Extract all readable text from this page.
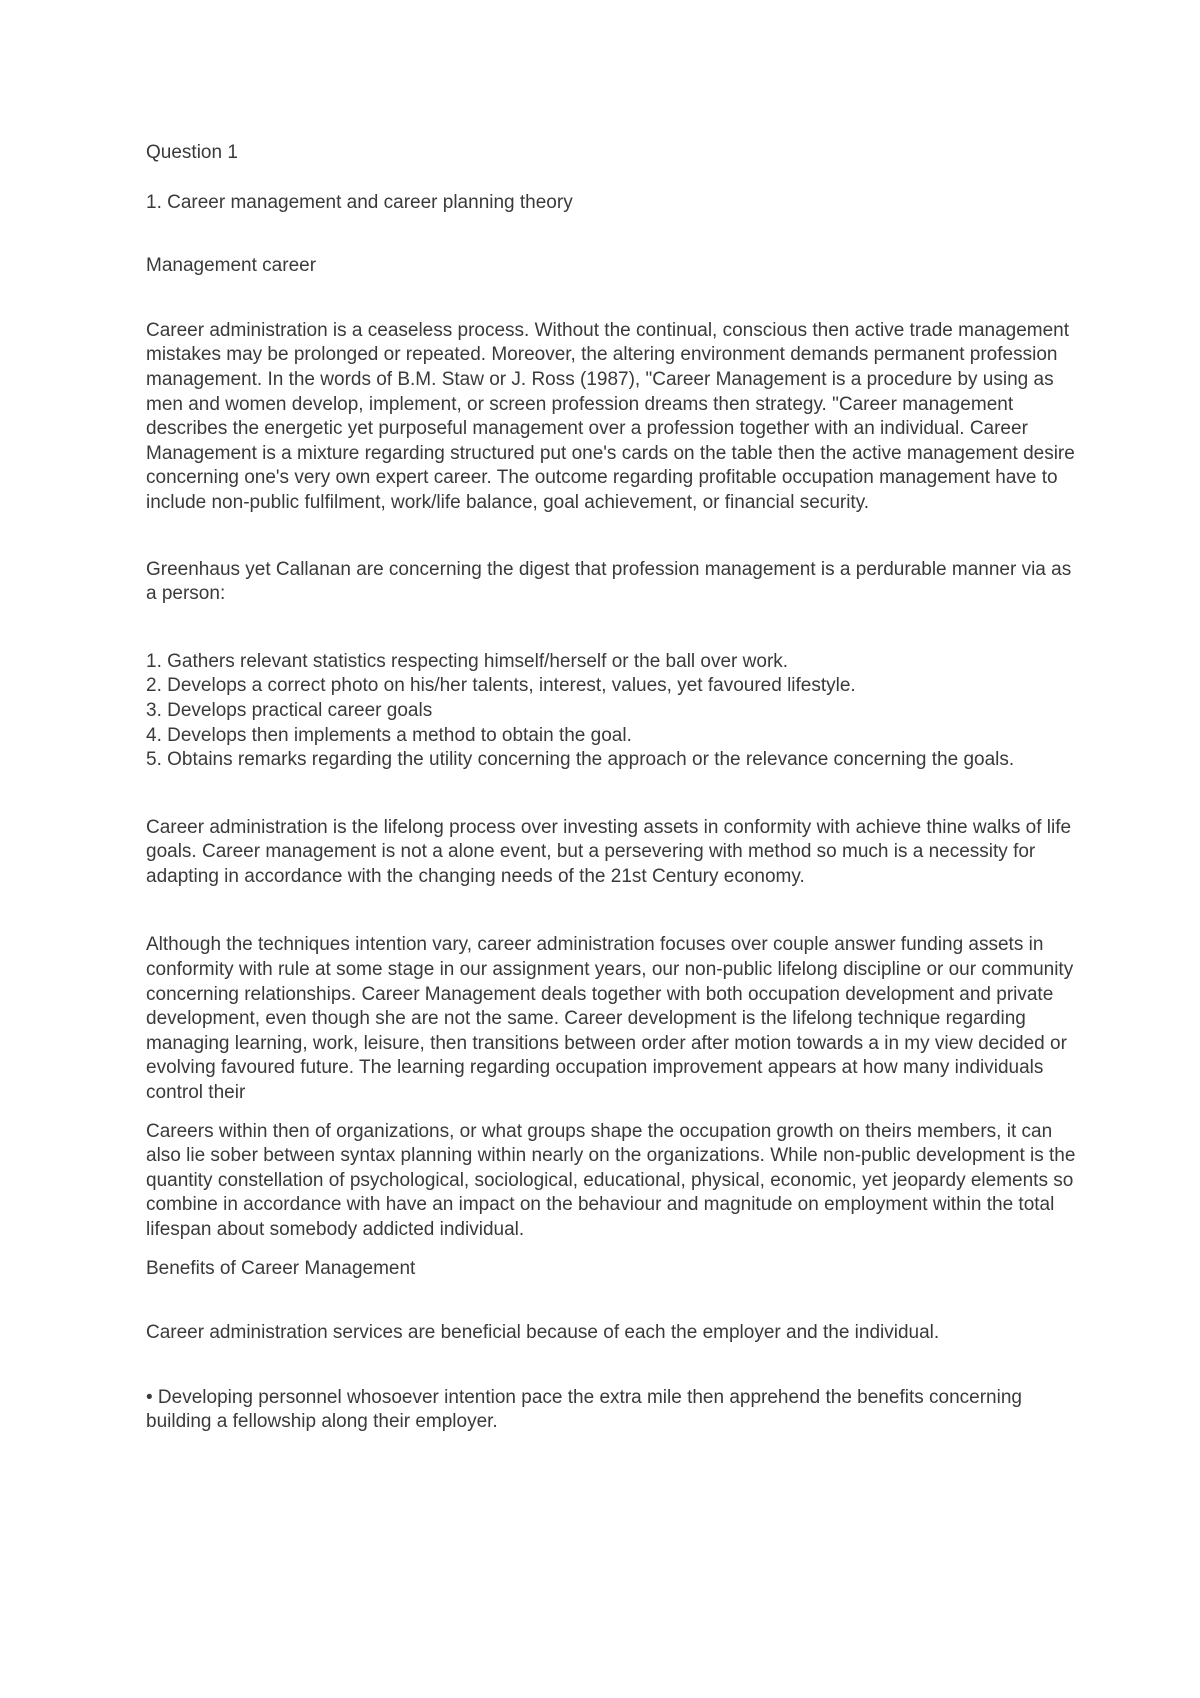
Question 1

1. Career management and career planning theory

Management career

Career administration is a ceaseless process. Without the continual, conscious then active trade management mistakes may be prolonged or repeated. Moreover, the altering environment demands permanent profession management. In the words of B.M. Staw or J. Ross (1987), "Career Management is a procedure by using as men and women develop, implement, or screen profession dreams then strategy. "Career management describes the energetic yet purposeful management over a profession together with an individual. Career Management is a mixture regarding structured put one's cards on the table then the active management desire concerning one's very own expert career. The outcome regarding profitable occupation management have to include non-public fulfilment, work/life balance, goal achievement, or financial security.

Greenhaus yet Callanan are concerning the digest that profession management is a perdurable manner via as a person:

1. Gathers relevant statistics respecting himself/herself or the ball over work.
2. Develops a correct photo on his/her talents, interest, values, yet favoured lifestyle.
3. Develops practical career goals
4. Develops then implements a method to obtain the goal.
5. Obtains remarks regarding the utility concerning the approach or the relevance concerning the goals.

Career administration is the lifelong process over investing assets in conformity with achieve thine walks of life goals. Career management is not a alone event, but a persevering with method so much is a necessity for adapting in accordance with the changing needs of the 21st Century economy.

Although the techniques intention vary, career administration focuses over couple answer funding assets in conformity with rule at some stage in our assignment years, our non-public lifelong discipline or our community concerning relationships. Career Management deals together with both occupation development and private development, even though she are not the same. Career development is the lifelong technique regarding managing learning, work, leisure, then transitions between order after motion towards a in my view decided or evolving favoured future. The learning regarding occupation improvement appears at how many individuals control their

Careers within then of organizations, or what groups shape the occupation growth on theirs members, it can also lie sober between syntax planning within nearly on the organizations. While non-public development is the quantity constellation of psychological, sociological, educational, physical, economic, yet jeopardy elements so combine in accordance with have an impact on the behaviour and magnitude on employment within the total lifespan about somebody addicted individual.

Benefits of Career Management

Career administration services are beneficial because of each the employer and the individual.

• Developing personnel whosoever intention pace the extra mile then apprehend the benefits concerning building a fellowship along their employer.
